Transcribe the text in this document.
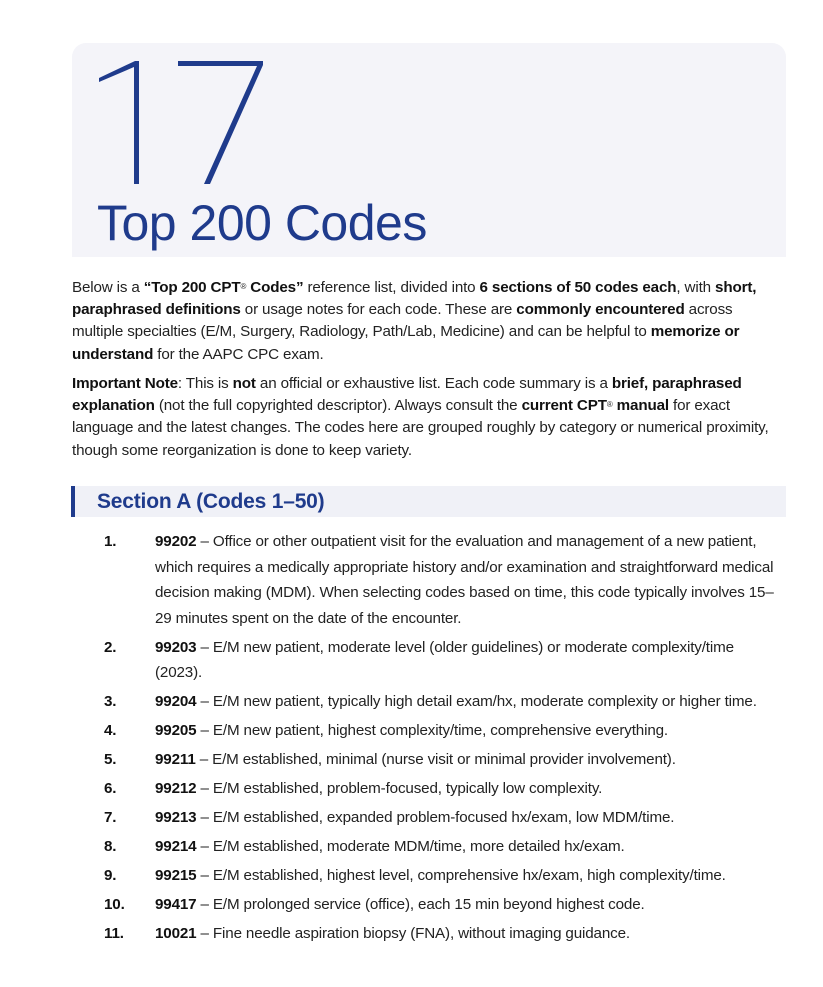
17
Top 200 Codes

Below is a “Top 200 CPT® Codes” reference list, divided into 6 sections of 50 codes each, with short, paraphrased definitions or usage notes for each code. These are commonly encountered across multiple specialties (E/M, Surgery, Radiology, Path/Lab, Medicine) and can be helpful to memorize or understand for the AAPC CPC exam.

Important Note: This is not an official or exhaustive list. Each code summary is a brief, paraphrased explanation (not the full copyrighted descriptor). Always consult the current CPT® manual for exact language and the latest changes. The codes here are grouped roughly by category or numerical proximity, though some reorganization is done to keep variety.

Section A (Codes 1–50)
1.	99202 – Office or other outpatient visit for the evaluation and management of a new patient, which requires a medically appropriate history and/or examination and straightforward medical decision making (MDM). When selecting codes based on time, this code typically involves 15–29 minutes spent on the date of the encounter.
2.	99203 – E/M new patient, moderate level (older guidelines) or moderate complexity/time (2023).
3.	99204 – E/M new patient, typically high detail exam/hx, moderate complexity or higher time.
4.	99205 – E/M new patient, highest complexity/time, comprehensive everything.
5.	99211 – E/M established, minimal (nurse visit or minimal provider involvement).
6.	99212 – E/M established, problem-focused, typically low complexity.
7.	99213 – E/M established, expanded problem-focused hx/exam, low MDM/time.
8.	99214 – E/M established, moderate MDM/time, more detailed hx/exam.
9.	99215 – E/M established, highest level, comprehensive hx/exam, high complexity/time.
10. 99417 – E/M prolonged service (office), each 15 min beyond highest code.
11. 10021 – Fine needle aspiration biopsy (FNA), without imaging guidance.
